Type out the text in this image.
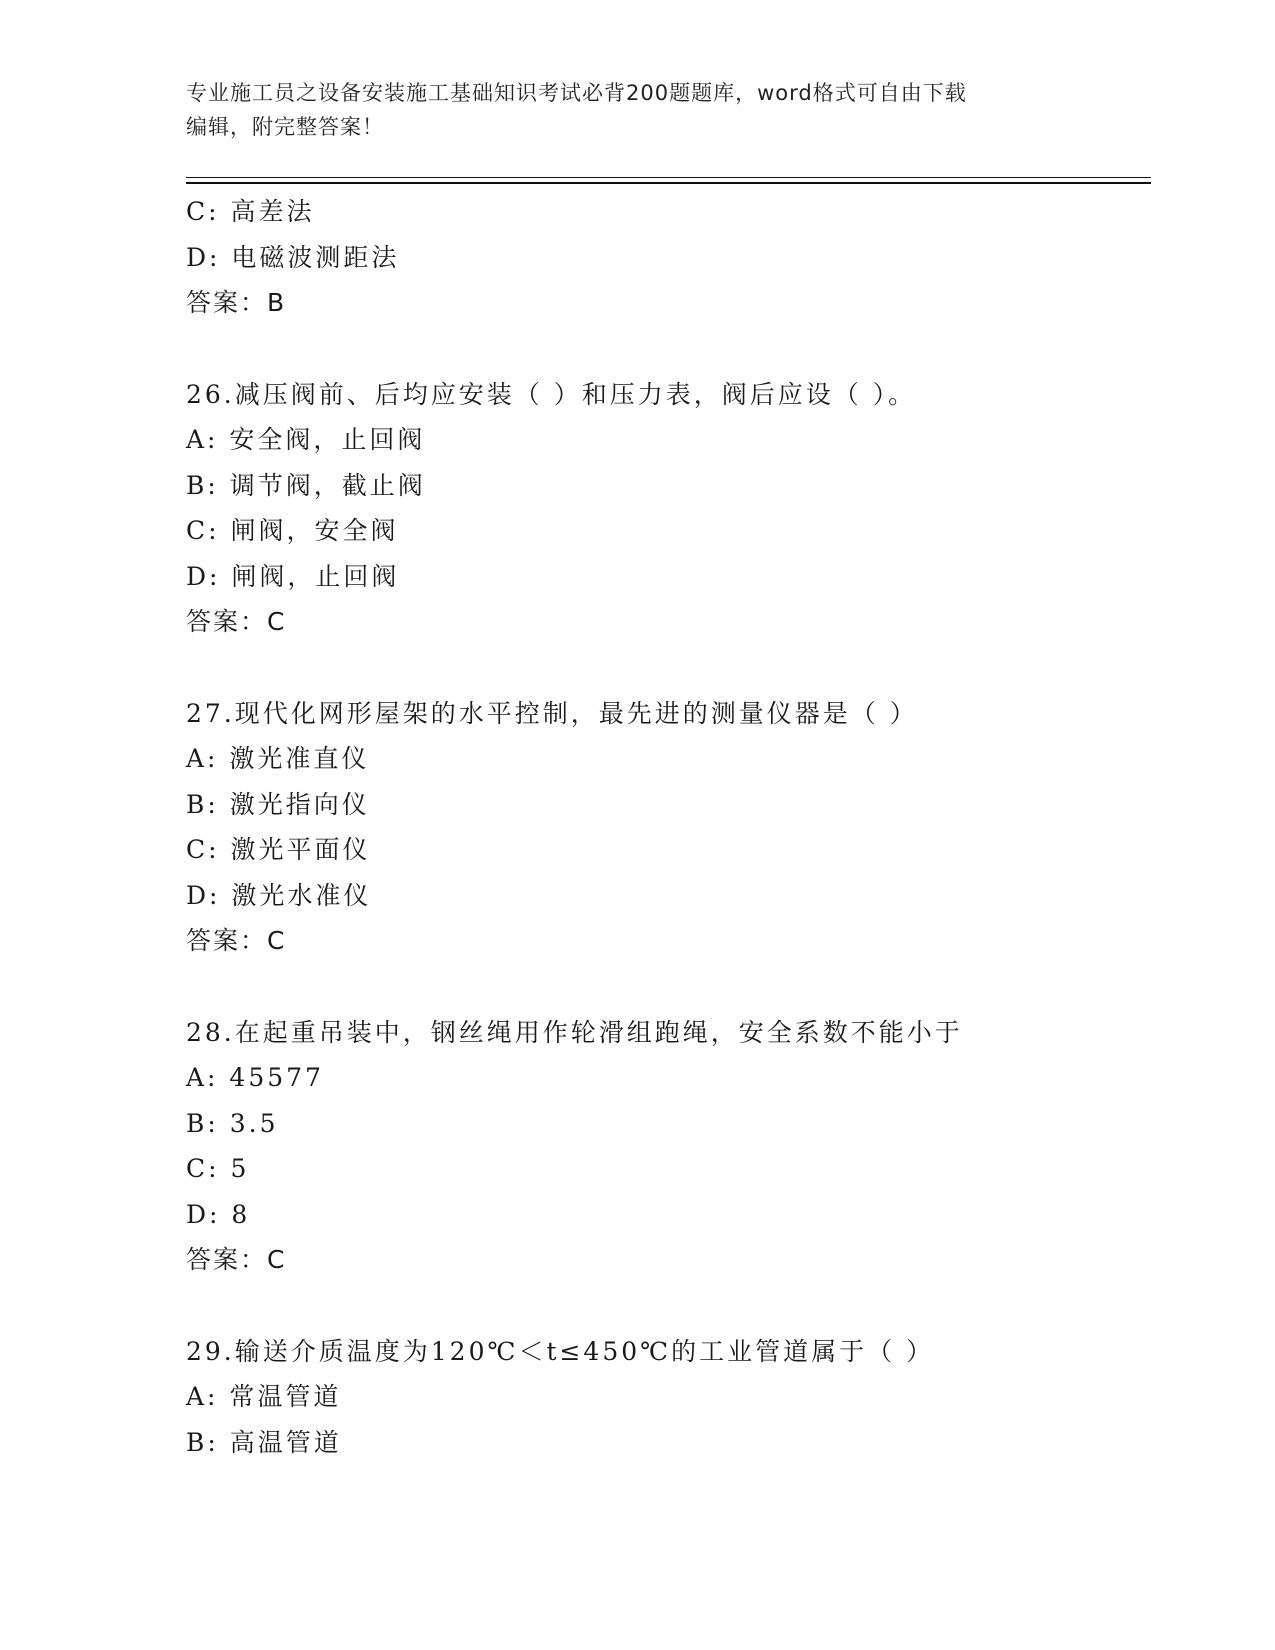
专业施工员之设备安装施工基础知识考试必背200题题库，word格式可自由下载
编辑，附完整答案！
C: 高差法
D: 电磁波测距法
答案：B
26.减压阀前、后均应安装（ ）和压力表，阀后应设（ ）。
A: 安全阀，止回阀
B: 调节阀，截止阀
C: 闸阀，安全阀
D: 闸阀，止回阀
答案：C
27.现代化网形屋架的水平控制，最先进的测量仪器是（ ）
A: 激光准直仪
B: 激光指向仪
C: 激光平面仪
D: 激光水准仪
答案：C
28.在起重吊装中，钢丝绳用作轮滑组跑绳，安全系数不能小于
A: 45577
B: 3.5
C: 5
D: 8
答案：C
29.输送介质温度为120℃＜t≤450℃的工业管道属于（ ）
A: 常温管道
B: 高温管道
